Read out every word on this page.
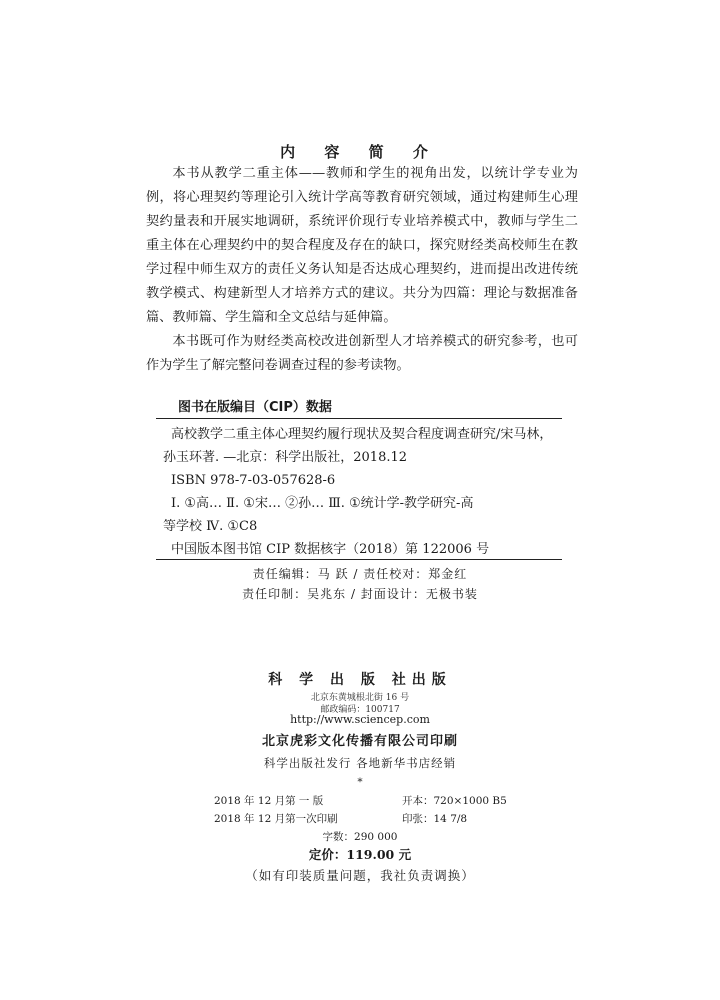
内 容 简 介

本书从教学二重主体——教师和学生的视角出发，以统计学专业为例，将心理契约等理论引入统计学高等教育研究领域，通过构建师生心理契约量表和开展实地调研，系统评价现行专业培养模式中，教师与学生二重主体在心理契约中的契合程度及存在的缺口，探究财经类高校师生在教学过程中师生双方的责任义务认知是否达成心理契约，进而提出改进传统教学模式、构建新型人才培养方式的建议。共分为四篇：理论与数据准备篇、教师篇、学生篇和全文总结与延伸篇。

本书既可作为财经类高校改进创新型人才培养模式的研究参考，也可作为学生了解完整问卷调查过程的参考读物。

图书在版编目（CIP）数据
高校教学二重主体心理契约履行现状及契合程度调查研究/宋马林，
孙玉环著. —北京：科学出版社，2018.12
ISBN 978-7-03-057628-6
Ⅰ. ①高… Ⅱ. ①宋… ②孙… Ⅲ. ①统计学-教学研究-高
等学校 Ⅳ. ①C8
中国版本图书馆 CIP 数据核字（2018）第 122006 号
责任编辑：马 跃 / 责任校对：郑金红
责任印制：吴兆东 / 封面设计：无极书装
科 学 出 版 社出版
北京东黄城根北街 16 号
邮政编码：100717
http://www.sciencep.com
北京虎彩文化传播有限公司印刷
科学出版社发行 各地新华书店经销
*
2018 年 12 月第 一 版	开本：720×1000 B5
2018 年 12 月第一次印刷	印张：14 7/8
字数：290 000
定价：119.00 元
（如有印装质量问题，我社负责调换）
